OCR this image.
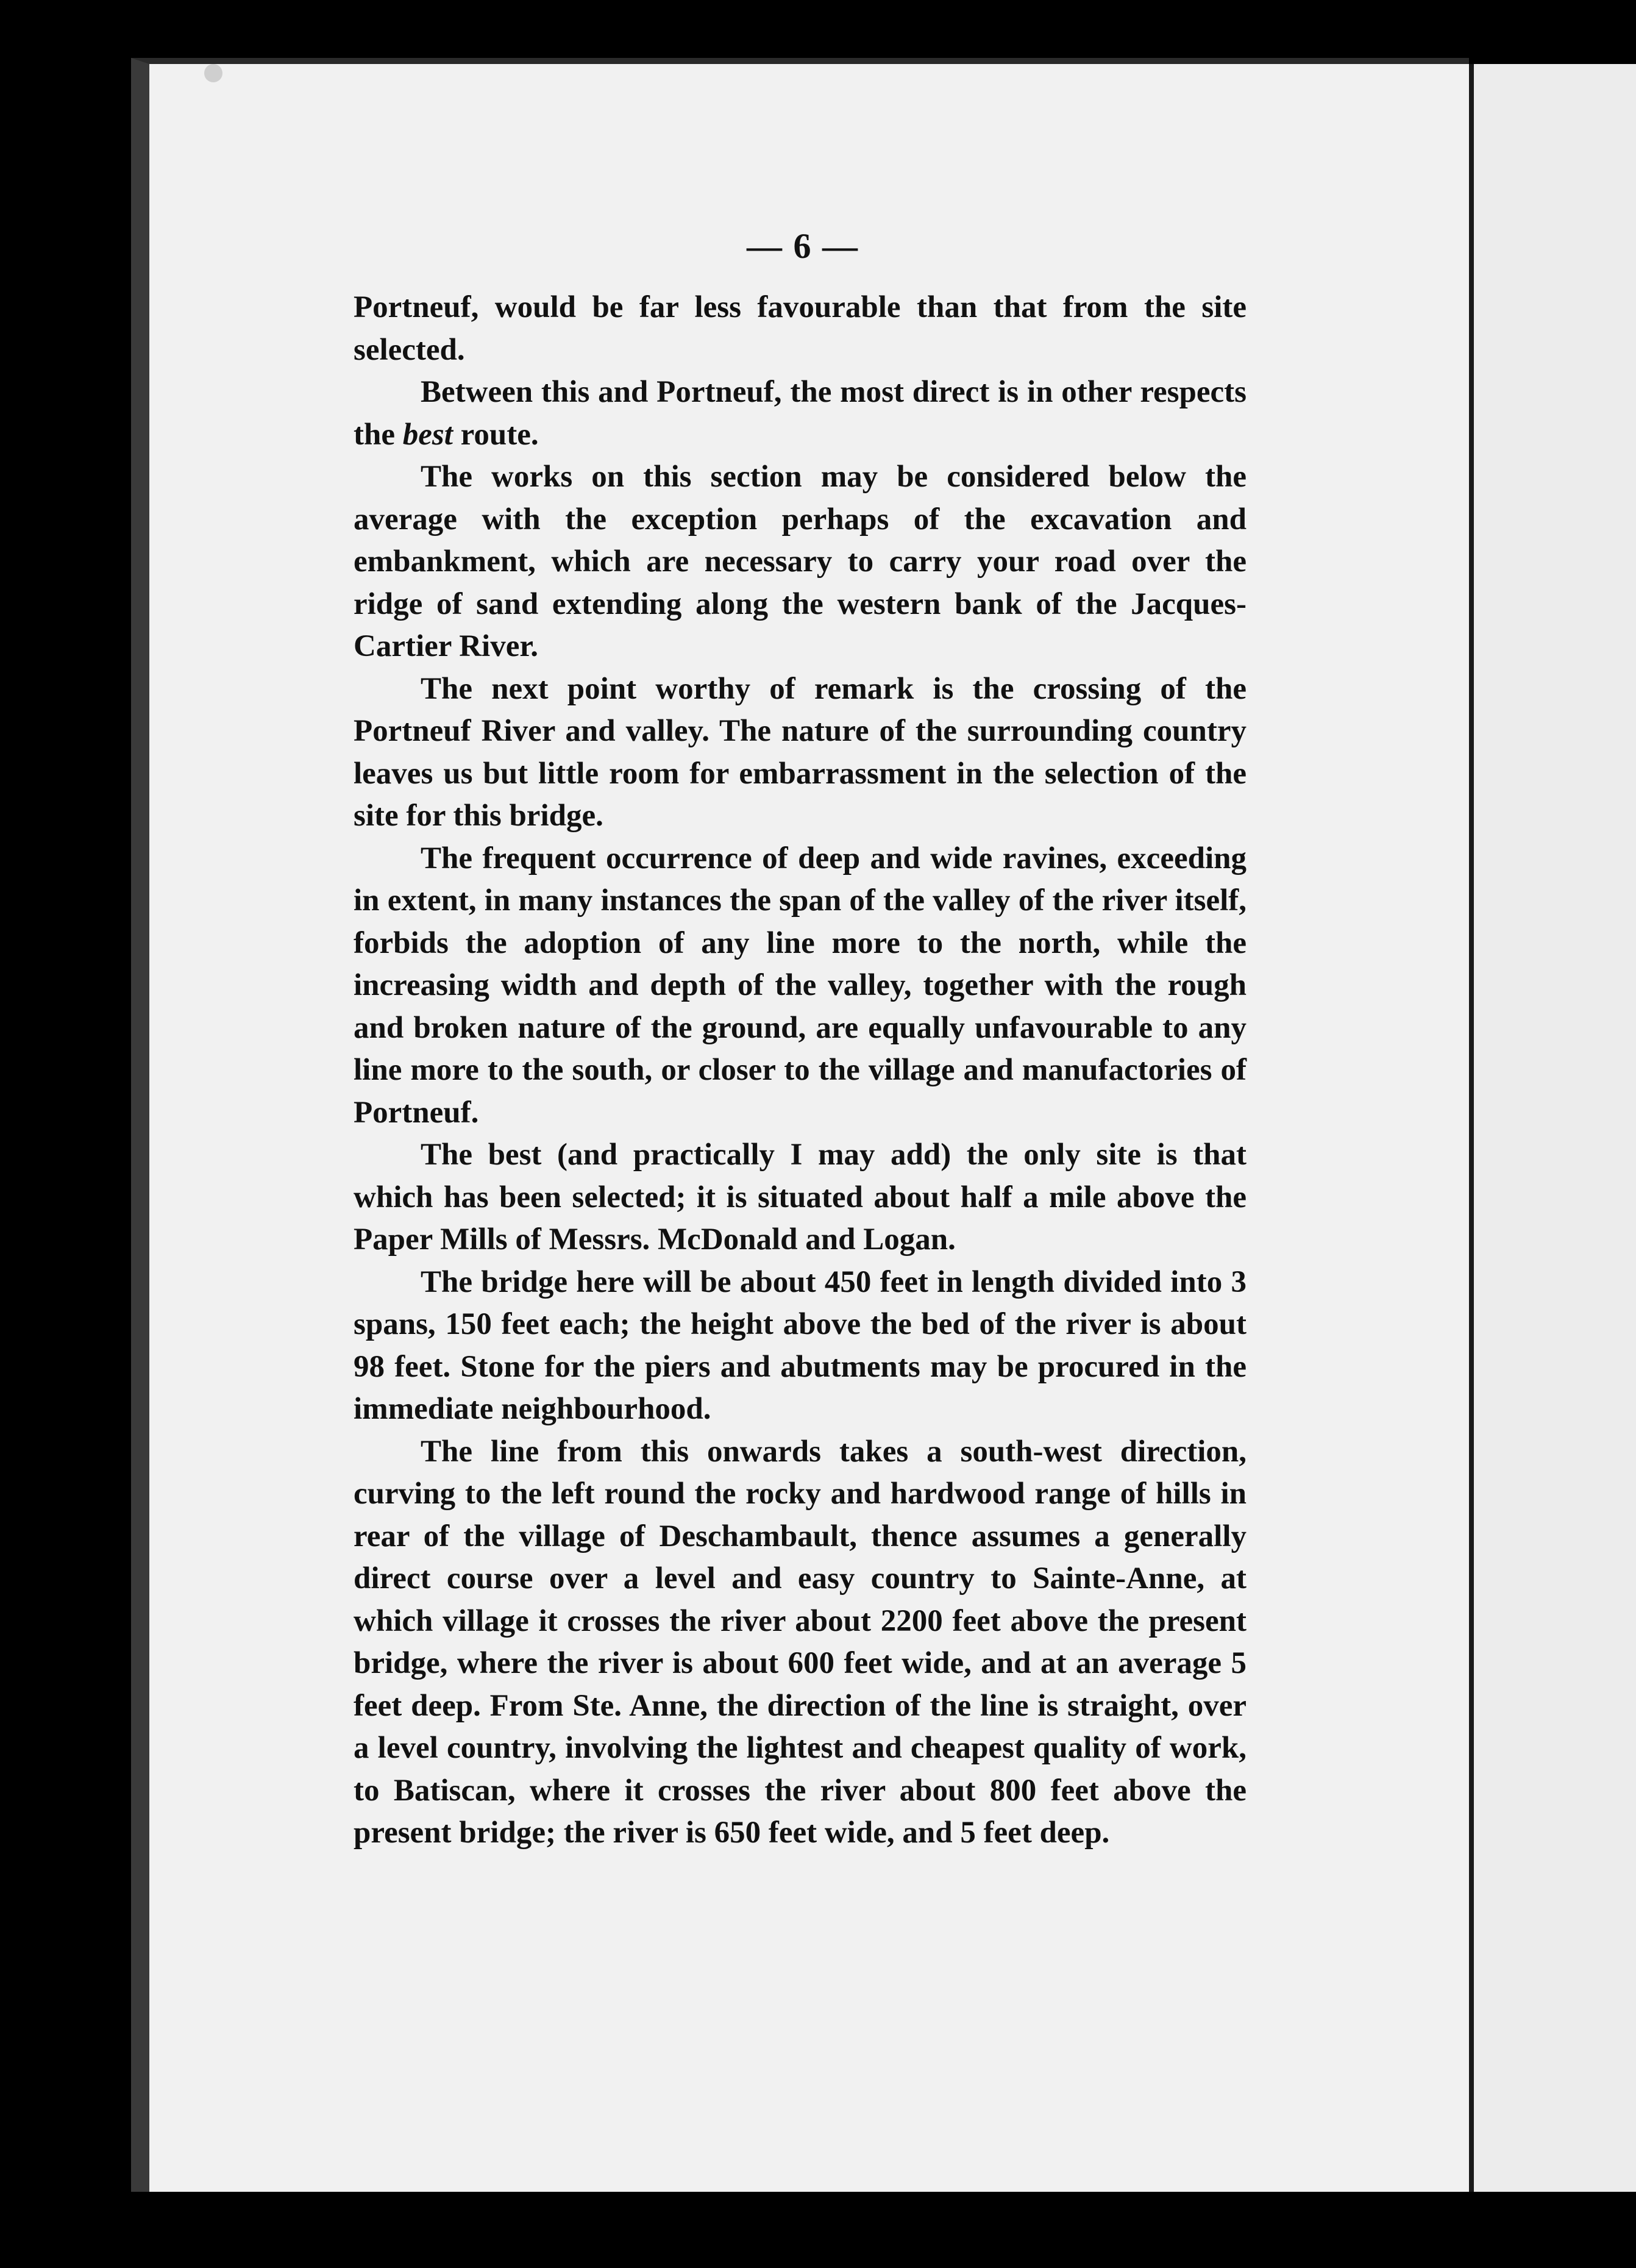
— 6 —

Portneuf, would be far less favourable than that from the site selected.

Between this and Portneuf, the most direct is in other respects the best route.

The works on this section may be considered below the average with the exception perhaps of the excavation and embankment, which are necessary to carry your road over the ridge of sand extending along the western bank of the Jacques-Cartier River.

The next point worthy of remark is the crossing of the Portneuf River and valley. The nature of the surrounding country leaves us but little room for embarrassment in the selection of the site for this bridge.

The frequent occurrence of deep and wide ravines, exceeding in extent, in many instances the span of the valley of the river itself, forbids the adoption of any line more to the north, while the increasing width and depth of the valley, together with the rough and broken nature of the ground, are equally unfavourable to any line more to the south, or closer to the village and manufactories of Portneuf.

The best (and practically I may add) the only site is that which has been selected; it is situated about half a mile above the Paper Mills of Messrs. McDonald and Logan.

The bridge here will be about 450 feet in length divided into 3 spans, 150 feet each; the height above the bed of the river is about 98 feet. Stone for the piers and abutments may be procured in the immediate neighbourhood.

The line from this onwards takes a south-west direction, curving to the left round the rocky and hardwood range of hills in rear of the village of Deschambault, thence assumes a generally direct course over a level and easy country to Sainte-Anne, at which village it crosses the river about 2200 feet above the present bridge, where the river is about 600 feet wide, and at an average 5 feet deep. From Ste. Anne, the direction of the line is straight, over a level country, involving the lightest and cheapest quality of work, to Batiscan, where it crosses the river about 800 feet above the present bridge; the river is 650 feet wide, and 5 feet deep.
